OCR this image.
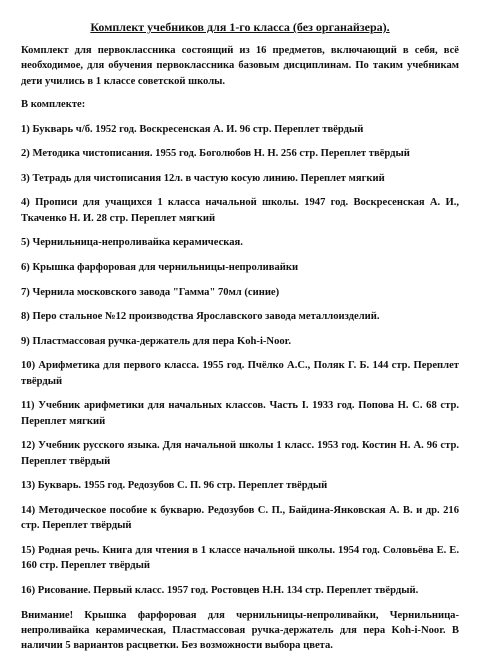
Комплект учебников для 1-го класса (без органайзера).

Комплект для первоклассника состоящий из 16 предметов, включающий в себя, всё необходимое, для обучения первоклассника базовым дисциплинам. По таким учебникам дети учились в 1 классе советской школы.

В комплекте:

1) Букварь ч/б. 1952 год. Воскресенская А. И. 96 стр. Переплет твёрдый
2) Методика чистописания. 1955 год. Боголюбов Н. Н. 256 стр. Переплет твёрдый
3) Тетрадь для чистописания 12л. в частую косую линию. Переплет мягкий
4) Прописи для учащихся 1 класса начальной школы. 1947 год. Воскресенская А. И., Ткаченко Н. И. 28 стр. Переплет мягкий
5) Чернильница-непроливайка керамическая.
6) Крышка фарфоровая для чернильницы-непроливайки
7) Чернила московского завода "Гамма" 70мл (синие)
8) Перо стальное №12 производства Ярославского завода металлоизделий.
9) Пластмассовая ручка-держатель для пера Koh-i-Noor.
10) Арифметика для первого класса. 1955 год. Пчёлко А.С., Поляк Г. Б. 144 стр. Переплет твёрдый
11) Учебник арифметики для начальных классов. Часть I. 1933 год. Попова Н. С. 68 стр. Переплет мягкий
12) Учебник русского языка. Для начальной школы 1 класс. 1953 год. Костин Н. А. 96 стр. Переплет твёрдый
13) Букварь. 1955 год. Редозубов С. П. 96 стр. Переплет твёрдый
14) Методическое пособие к букварю. Редозубов С. П., Байдина-Янковская А. В. и др. 216 стр. Переплет твёрдый
15) Родная речь. Книга для чтения в 1 классе начальной школы. 1954 год. Соловьёва Е. Е. 160 стр. Переплет твёрдый
16) Рисование. Первый класс. 1957 год. Ростовцев Н.Н. 134 стр. Переплет твёрдый.

Внимание! Крышка фарфоровая для чернильницы-непроливайки, Чернильница-непроливайка керамическая, Пластмассовая ручка-держатель для пера Koh-i-Noor. В наличии 5 вариантов расцветки. Без возможности выбора цвета.
